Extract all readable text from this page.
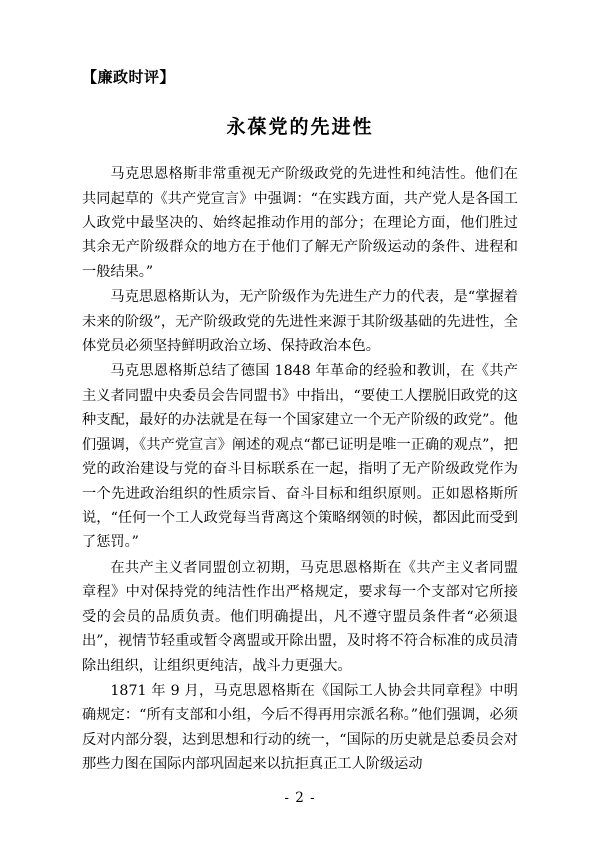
【廉政时评】
永葆党的先进性

马克思恩格斯非常重视无产阶级政党的先进性和纯洁性。他们在共同起草的《共产党宣言》中强调：“在实践方面，共产党人是各国工人政党中最坚决的、始终起推动作用的部分；在理论方面，他们胜过其余无产阶级群众的地方在于他们了解无产阶级运动的条件、进程和一般结果。”

马克思恩格斯认为，无产阶级作为先进生产力的代表，是“掌握着未来的阶级”，无产阶级政党的先进性来源于其阶级基础的先进性，全体党员必须坚持鲜明政治立场、保持政治本色。

马克思恩格斯总结了德国 1848 年革命的经验和教训，在《共产主义者同盟中央委员会告同盟书》中指出，“要使工人摆脱旧政党的这种支配，最好的办法就是在每一个国家建立一个无产阶级的政党”。他们强调，《共产党宣言》阐述的观点“都已证明是唯一正确的观点”，把党的政治建设与党的奋斗目标联系在一起，指明了无产阶级政党作为一个先进政治组织的性质宗旨、奋斗目标和组织原则。正如恩格斯所说，“任何一个工人政党每当背离这个策略纲领的时候，都因此而受到了惩罚。”

在共产主义者同盟创立初期，马克思恩格斯在《共产主义者同盟章程》中对保持党的纯洁性作出严格规定，要求每一个支部对它所接受的会员的品质负责。他们明确提出，凡不遵守盟员条件者“必须退出”，视情节轻重或暂令离盟或开除出盟，及时将不符合标准的成员清除出组织，让组织更纯洁，战斗力更强大。

1871 年 9 月，马克思恩格斯在《国际工人协会共同章程》中明确规定：“所有支部和小组，今后不得再用宗派名称。”他们强调，必须反对内部分裂，达到思想和行动的统一，“国际的历史就是总委员会对那些力图在国际内部巩固起来以抗拒真正工人阶级运动

- 2 -
